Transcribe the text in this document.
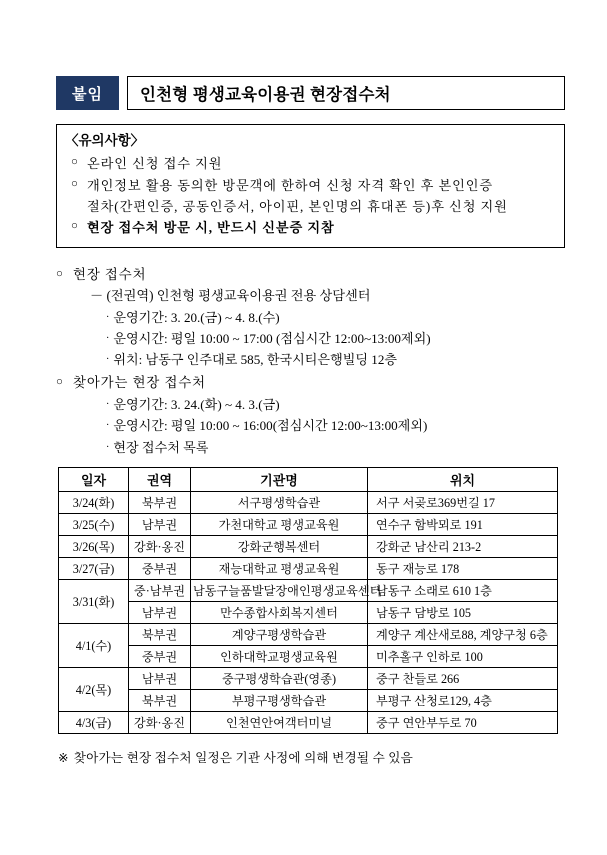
붙임	인천형 평생교육이용권 현장접수처
〈유의사항〉
○ 온라인 신청 접수 지원
○ 개인정보 활용 동의한 방문객에 한하여 신청 자격 확인 후 본인인증
절차(간편인증, 공동인증서, 아이핀, 본인명의 휴대폰 등)후 신청 지원
○ 현장 접수처 방문 시, 반드시 신분증 지참
○ 현장 접수처
－ (전권역) 인천형 평생교육이용권 전용 상담센터
· 운영기간: 3. 20.(금) ~ 4. 8.(수)
· 운영시간: 평일 10:00 ~ 17:00 (점심시간 12:00~13:00제외)
· 위치: 남동구 인주대로 585, 한국시티은행빌딩 12층
○ 찾아가는 현장 접수처
· 운영기간: 3. 24.(화) ~ 4. 3.(금)
· 운영시간: 평일 10:00 ~ 16:00(점심시간 12:00~13:00제외)
· 현장 접수처 목록
일자	권역	기관명	위치
3/24(화)	북부권	서구평생학습관	서구 서곶로369번길 17
3/25(수)	남부권	가천대학교 평생교육원	연수구 함박뫼로 191
3/26(목)	강화·옹진	강화군행복센터	강화군 남산리 213-2
3/27(금)	중부권	재능대학교 평생교육원	동구 재능로 178
3/31(화)	중·남부권	남동구늘품발달장애인평생교육센터	남동구 소래로 610 1층
	남부권	만수종합사회복지센터	남동구 담방로 105
4/1(수)	북부권	계양구평생학습관	계양구 계산새로88, 계양구청 6층
	중부권	인하대학교평생교육원	미추홀구 인하로 100
4/2(목)	남부권	중구평생학습관(영종)	중구 찬들로 266
	북부권	부평구평생학습관	부평구 산청로129, 4층
4/3(금)	강화·옹진	인천연안여객터미널	중구 연안부두로 70
※ 찾아가는 현장 접수처 일정은 기관 사정에 의해 변경될 수 있음
